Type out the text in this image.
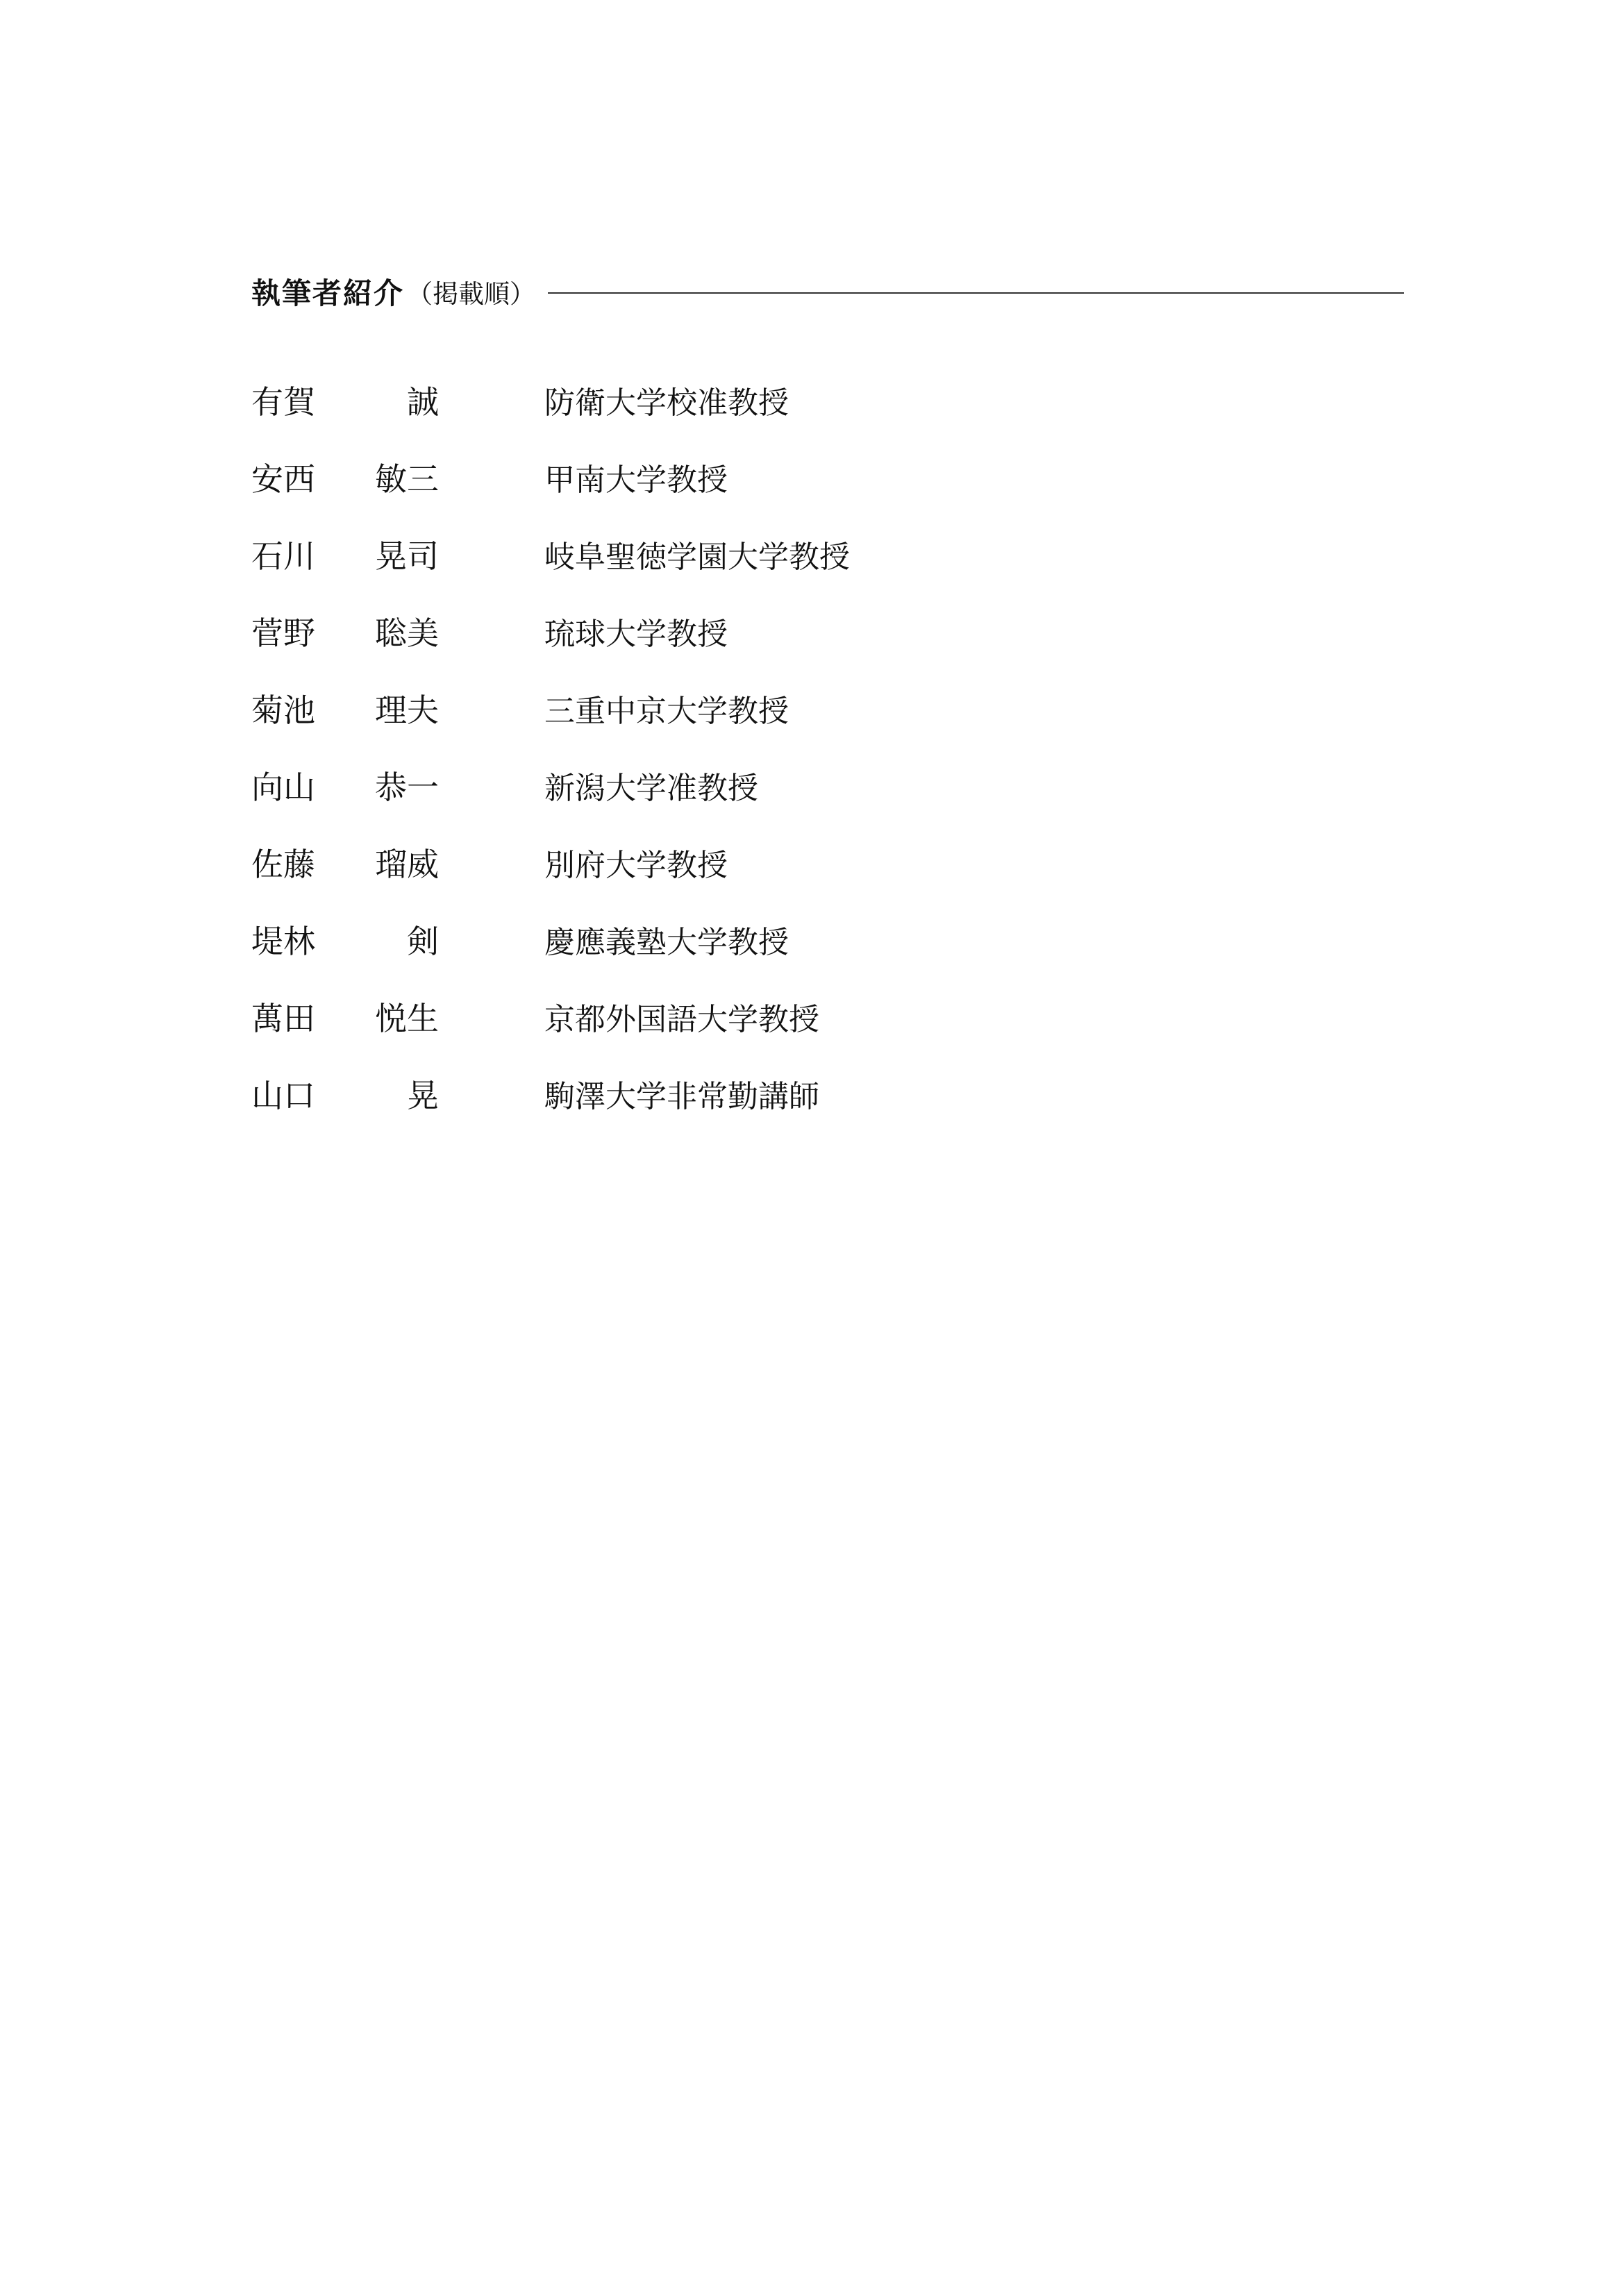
執筆者紹介 （掲載順）
有賀	誠	防衛大学校准教授
安西	敏三	甲南大学教授
石川	晃司	岐阜聖徳学園大学教授
菅野	聡美	琉球大学教授
菊池	理夫	三重中京大学教授
向山	恭一	新潟大学准教授
佐藤	瑠威	別府大学教授
堤林	剣	慶應義塾大学教授
萬田	悦生	京都外国語大学教授
山口	晃	駒澤大学非常勤講師
